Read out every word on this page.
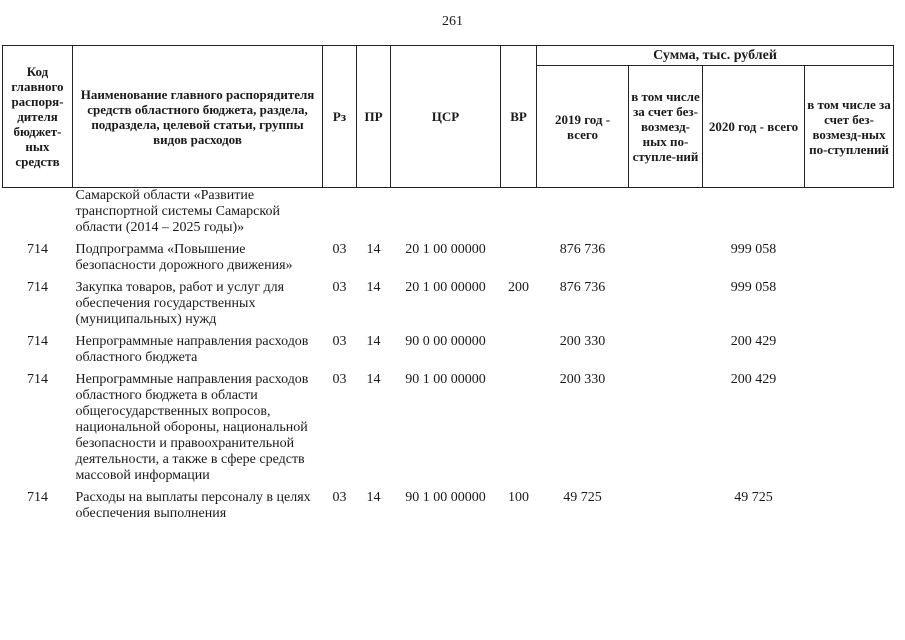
261
Код главного распоря-дителя бюджет-ных средств	Наименование главного распорядителя средств областного бюджета, раздела, подраздела, целевой статьи, группы видов расходов	Рз	ПР	ЦСР	ВР	Сумма, тыс. рублей			
						2019 год - всего	в том числе за счет без-возмезд-ных по-ступле-ний	2020 год - всего	в том числе за счет без-возмезд-ных по-ступлений
	Самарской области «Развитие транспортной системы Самарской области (2014 – 2025 годы)»								
714	Подпрограмма «Повышение безопасности дорожного движения»	03	14	20 1 00 00000		876 736		999 058	
714	Закупка товаров, работ и услуг для обеспечения государственных (муниципальных) нужд	03	14	20 1 00 00000	200	876 736		999 058	
714	Непрограммные направления расходов областного бюджета	03	14	90 0 00 00000		200 330		200 429	
714	Непрограммные направления расходов областного бюджета в области общегосударственных вопросов, национальной обороны, национальной безопасности и правоохранительной деятельности, а также в сфере средств массовой информации	03	14	90 1 00 00000		200 330		200 429	
714	Расходы на выплаты персоналу в целях обеспечения выполнения	03	14	90 1 00 00000	100	49 725		49 725	
